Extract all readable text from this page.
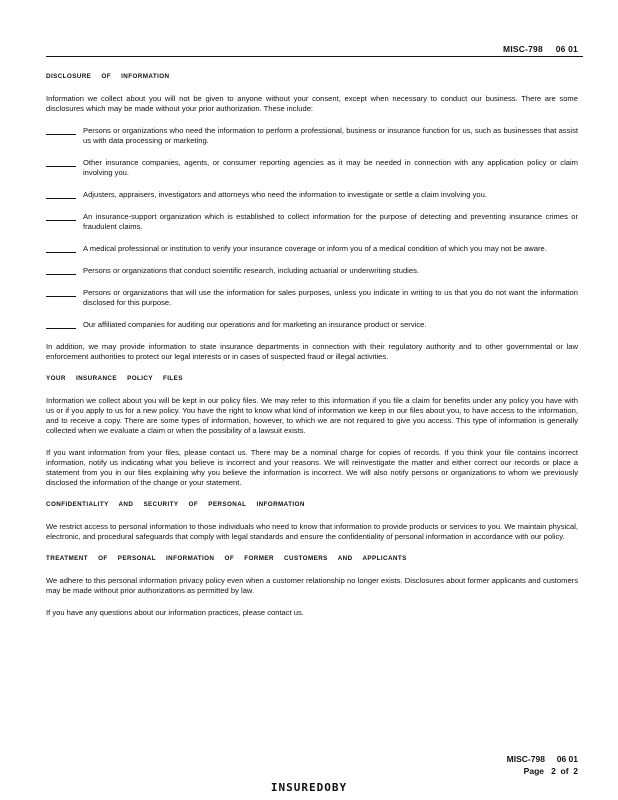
MISC-798     06 01
DISCLOSURE OF INFORMATION
Information we collect about you will not be given to anyone without your consent, except when necessary to conduct our business. There are some disclosures which may be made without your prior authorization. These include:
Persons or organizations who need the information to perform a professional, business or insurance function for us, such as businesses that assist us with data processing or marketing.
Other insurance companies, agents, or consumer reporting agencies as it may be needed in connection with any application policy or claim involving you.
Adjusters, appraisers, investigators and attorneys who need the information to investigate or settle a claim involving you.
An insurance-support organization which is established to collect information for the purpose of detecting and preventing insurance crimes or fraudulent claims.
A medical professional or institution to verify your insurance coverage or inform you of a medical condition of which you may not be aware.
Persons or organizations that conduct scientific research, including actuarial or underwriting studies.
Persons or organizations that will use the information for sales purposes, unless you indicate in writing to us that you do not want the information disclosed for this purpose.
Our affiliated companies for auditing our operations and for marketing an insurance product or service.
In addition, we may provide information to state insurance departments in connection with their regulatory authority and to other governmental or law enforcement authorities to protect our legal interests or in cases of suspected fraud or illegal activities.
YOUR INSURANCE POLICY FILES
Information we collect about you will be kept in our policy files. We may refer to this information if you file a claim for benefits under any policy you have with us or if you apply to us for a new policy. You have the right to know what kind of information we keep in our files about you, to have access to the information, and to receive a copy. There are some types of information, however, to which we are not required to give you access. This type of information is generally collected when we evaluate a claim or when the possibility of a lawsuit exists.
If you want information from your files, please contact us. There may be a nominal charge for copies of records. If you think your file contains incorrect information, notify us indicating what you believe is incorrect and your reasons. We will reinvestigate the matter and either correct our records or place a statement from you in our files explaining why you believe the information is incorrect. We will also notify persons or organizations to whom we previously disclosed the information of the change or your statement.
CONFIDENTIALITY AND SECURITY OF PERSONAL INFORMATION
We restrict access to personal information to those individuals who need to know that information to provide products or services to you. We maintain physical, electronic, and procedural safeguards that comply with legal standards and ensure the confidentiality of personal information in accordance with our policy.
TREATMENT OF PERSONAL INFORMATION OF FORMER CUSTOMERS AND APPLICANTS
We adhere to this personal information privacy policy even when a customer relationship no longer exists. Disclosures about former applicants and customers may be made without prior authorizations as permitted by law.
If you have any questions about our information practices, please contact us.
MISC-798     06 01
Page   2  of  2
INSUREDOBY
